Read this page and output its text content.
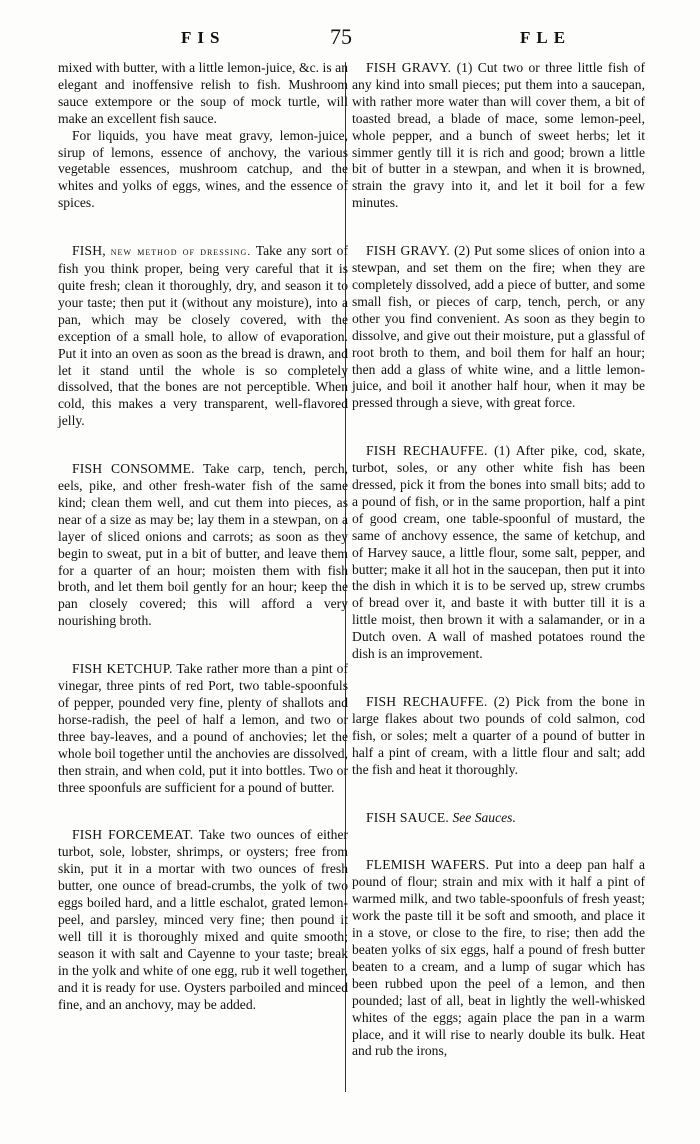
FIS	75	FLE

mixed with butter, with a little lemon-juice, &c. is an elegant and inoffensive relish to fish. Mushroom sauce extempore or the soup of mock turtle, will make an excellent fish sauce.

For liquids, you have meat gravy, lemon-juice, sirup of lemons, essence of anchovy, the various vegetable essences, mushroom catchup, and the whites and yolks of eggs, wines, and the essence of spices.

FISH, new method of dressing. Take any sort of fish you think proper, being very careful that it is quite fresh; clean it thoroughly, dry, and season it to your taste; then put it (without any moisture), into a pan, which may be closely covered, with the exception of a small hole, to allow of evaporation. Put it into an oven as soon as the bread is drawn, and let it stand until the whole is so completely dissolved, that the bones are not perceptible. When cold, this makes a very transparent, well-flavored jelly.

FISH CONSOMME. Take carp, tench, perch, eels, pike, and other fresh-water fish of the same kind; clean them well, and cut them into pieces, as near of a size as may be; lay them in a stewpan, on a layer of sliced onions and carrots; as soon as they begin to sweat, put in a bit of butter, and leave them for a quarter of an hour; moisten them with fish broth, and let them boil gently for an hour; keep the pan closely covered; this will afford a very nourishing broth.

FISH KETCHUP. Take rather more than a pint of vinegar, three pints of red Port, two table-spoonfuls of pepper, pounded very fine, plenty of shallots and horse-radish, the peel of half a lemon, and two or three bay-leaves, and a pound of anchovies; let the whole boil together until the anchovies are dissolved, then strain, and when cold, put it into bottles. Two or three spoonfuls are sufficient for a pound of butter.

FISH FORCEMEAT. Take two ounces of either turbot, sole, lobster, shrimps, or oysters; free from skin, put it in a mortar with two ounces of fresh butter, one ounce of bread-crumbs, the yolk of two eggs boiled hard, and a little eschalot, grated lemon-peel, and parsley, minced very fine; then pound it well till it is thoroughly mixed and quite smooth; season it with salt and Cayenne to your taste; break in the yolk and white of one egg, rub it well together, and it is ready for use. Oysters parboiled and minced fine, and an anchovy, may be added.

FISH GRAVY. (1) Cut two or three little fish of any kind into small pieces; put them into a saucepan, with rather more water than will cover them, a bit of toasted bread, a blade of mace, some lemon-peel, whole pepper, and a bunch of sweet herbs; let it simmer gently till it is rich and good; brown a little bit of butter in a stewpan, and when it is browned, strain the gravy into it, and let it boil for a few minutes.

FISH GRAVY. (2) Put some slices of onion into a stewpan, and set them on the fire; when they are completely dissolved, add a piece of butter, and some small fish, or pieces of carp, tench, perch, or any other you find convenient. As soon as they begin to dissolve, and give out their moisture, put a glassful of root broth to them, and boil them for half an hour; then add a glass of white wine, and a little lemon-juice, and boil it another half hour, when it may be pressed through a sieve, with great force.

FISH RECHAUFFE. (1) After pike, cod, skate, turbot, soles, or any other white fish has been dressed, pick it from the bones into small bits; add to a pound of fish, or in the same proportion, half a pint of good cream, one table-spoonful of mustard, the same of anchovy essence, the same of ketchup, and of Harvey sauce, a little flour, some salt, pepper, and butter; make it all hot in the saucepan, then put it into the dish in which it is to be served up, strew crumbs of bread over it, and baste it with butter till it is a little moist, then brown it with a salamander, or in a Dutch oven. A wall of mashed potatoes round the dish is an improvement.

FISH RECHAUFFE. (2) Pick from the bone in large flakes about two pounds of cold salmon, cod fish, or soles; melt a quarter of a pound of butter in half a pint of cream, with a little flour and salt; add the fish and heat it thoroughly.

FISH SAUCE. See Sauces.

FLEMISH WAFERS. Put into a deep pan half a pound of flour; strain and mix with it half a pint of warmed milk, and two table-spoonfuls of fresh yeast; work the paste till it be soft and smooth, and place it in a stove, or close to the fire, to rise; then add the beaten yolks of six eggs, half a pound of fresh butter beaten to a cream, and a lump of sugar which has been rubbed upon the peel of a lemon, and then pounded; last of all, beat in lightly the well-whisked whites of the eggs; again place the pan in a warm place, and it will rise to nearly double its bulk. Heat and rub the irons,
